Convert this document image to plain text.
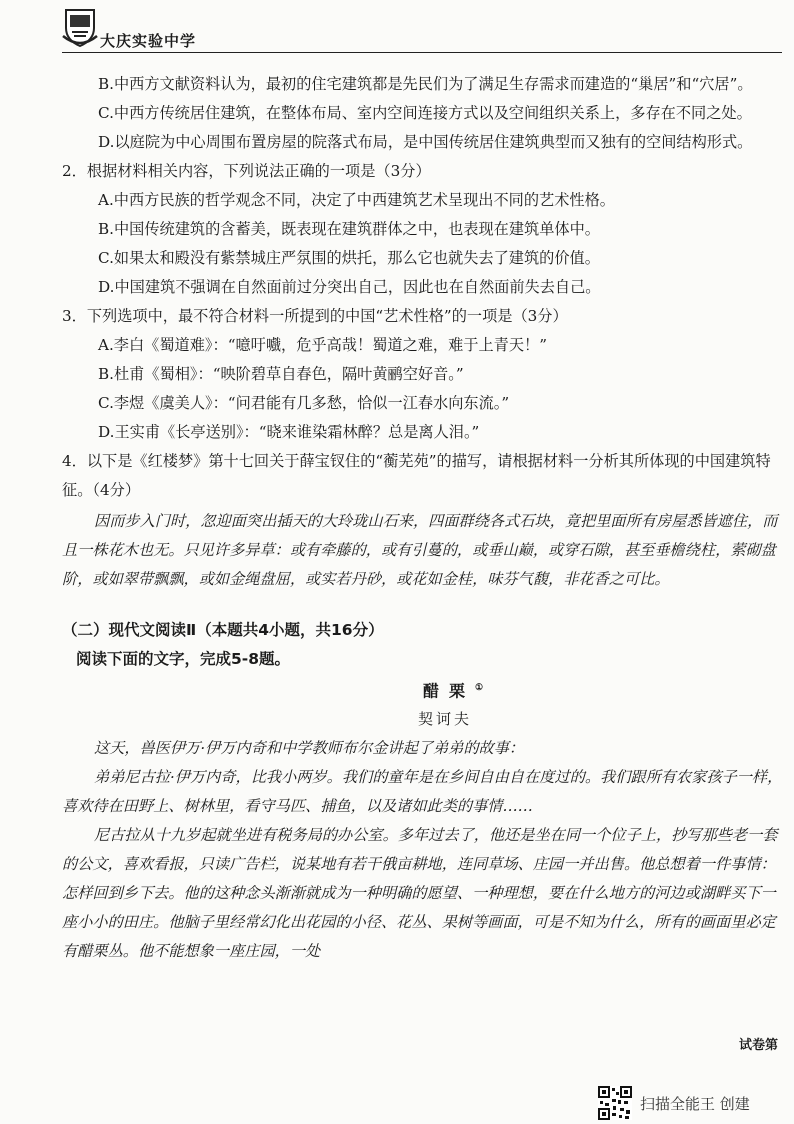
大庆实验中学

B.中西方文献资料认为，最初的住宅建筑都是先民们为了满足生存需求而建造的“巢居”和“穴居”。

C.中西方传统居住建筑，在整体布局、室内空间连接方式以及空间组织关系上，多存在不同之处。

D.以庭院为中心周围布置房屋的院落式布局，是中国传统居住建筑典型而又独有的空间结构形式。

2．根据材料相关内容，下列说法正确的一项是（3分）

A.中西方民族的哲学观念不同，决定了中西建筑艺术呈现出不同的艺术性格。

B.中国传统建筑的含蓄美，既表现在建筑群体之中，也表现在建筑单体中。

C.如果太和殿没有紫禁城庄严氛围的烘托，那么它也就失去了建筑的价值。

D.中国建筑不强调在自然面前过分突出自己，因此也在自然面前失去自己。

3．下列选项中，最不符合材料一所提到的中国“艺术性格”的一项是（3分）

A.李白《蜀道难》：“噫吁嚱，危乎高哉！蜀道之难，难于上青天！”

B.杜甫《蜀相》：“映阶碧草自春色，隔叶黄鹂空好音。”

C.李煜《虞美人》：“问君能有几多愁，恰似一江春水向东流。”

D.王实甫《长亭送别》：“晓来谁染霜林醉？总是离人泪。”

4．以下是《红楼梦》第十七回关于薛宝钗住的“蘅芜苑”的描写，请根据材料一分析其所体现的中国建筑特征。（4分）

因而步入门时，忽迎面突出插天的大玲珑山石来，四面群绕各式石块，竟把里面所有房屋悉皆遮住，而且一株花木也无。只见许多异草：或有牵藤的，或有引蔓的，或垂山巅，或穿石隙，甚至垂檐绕柱，萦砌盘阶，或如翠带飘飘，或如金绳盘屈，或实若丹砂，或花如金桂，味芬气馥，非花香之可比。

（二）现代文阅读Ⅱ（本题共4小题，共16分）

阅读下面的文字，完成5-8题。

醋栗①

契诃夫

这天，兽医伊万·伊万内奇和中学教师布尔金讲起了弟弟的故事：

弟弟尼古拉·伊万内奇，比我小两岁。我们的童年是在乡间自由自在度过的。我们跟所有农家孩子一样，喜欢待在田野上、树林里，看守马匹、捕鱼，以及诸如此类的事情……

尼古拉从十九岁起就坐进有税务局的办公室。多年过去了，他还是坐在同一个位子上，抄写那些老一套的公文，喜欢看报，只读广告栏，说某地有若干俄亩耕地，连同草场、庄园一并出售。他总想着一件事情：怎样回到乡下去。他的这种念头渐渐就成为一种明确的愿望、一种理想，要在什么地方的河边或湖畔买下一座小小的田庄。他脑子里经常幻化出花园的小径、花丛、果树等画面，可是不知为什么，所有的画面里必定有醋栗丛。他不能想象一座庄园，一处

试卷第
扫描全能王 创建
